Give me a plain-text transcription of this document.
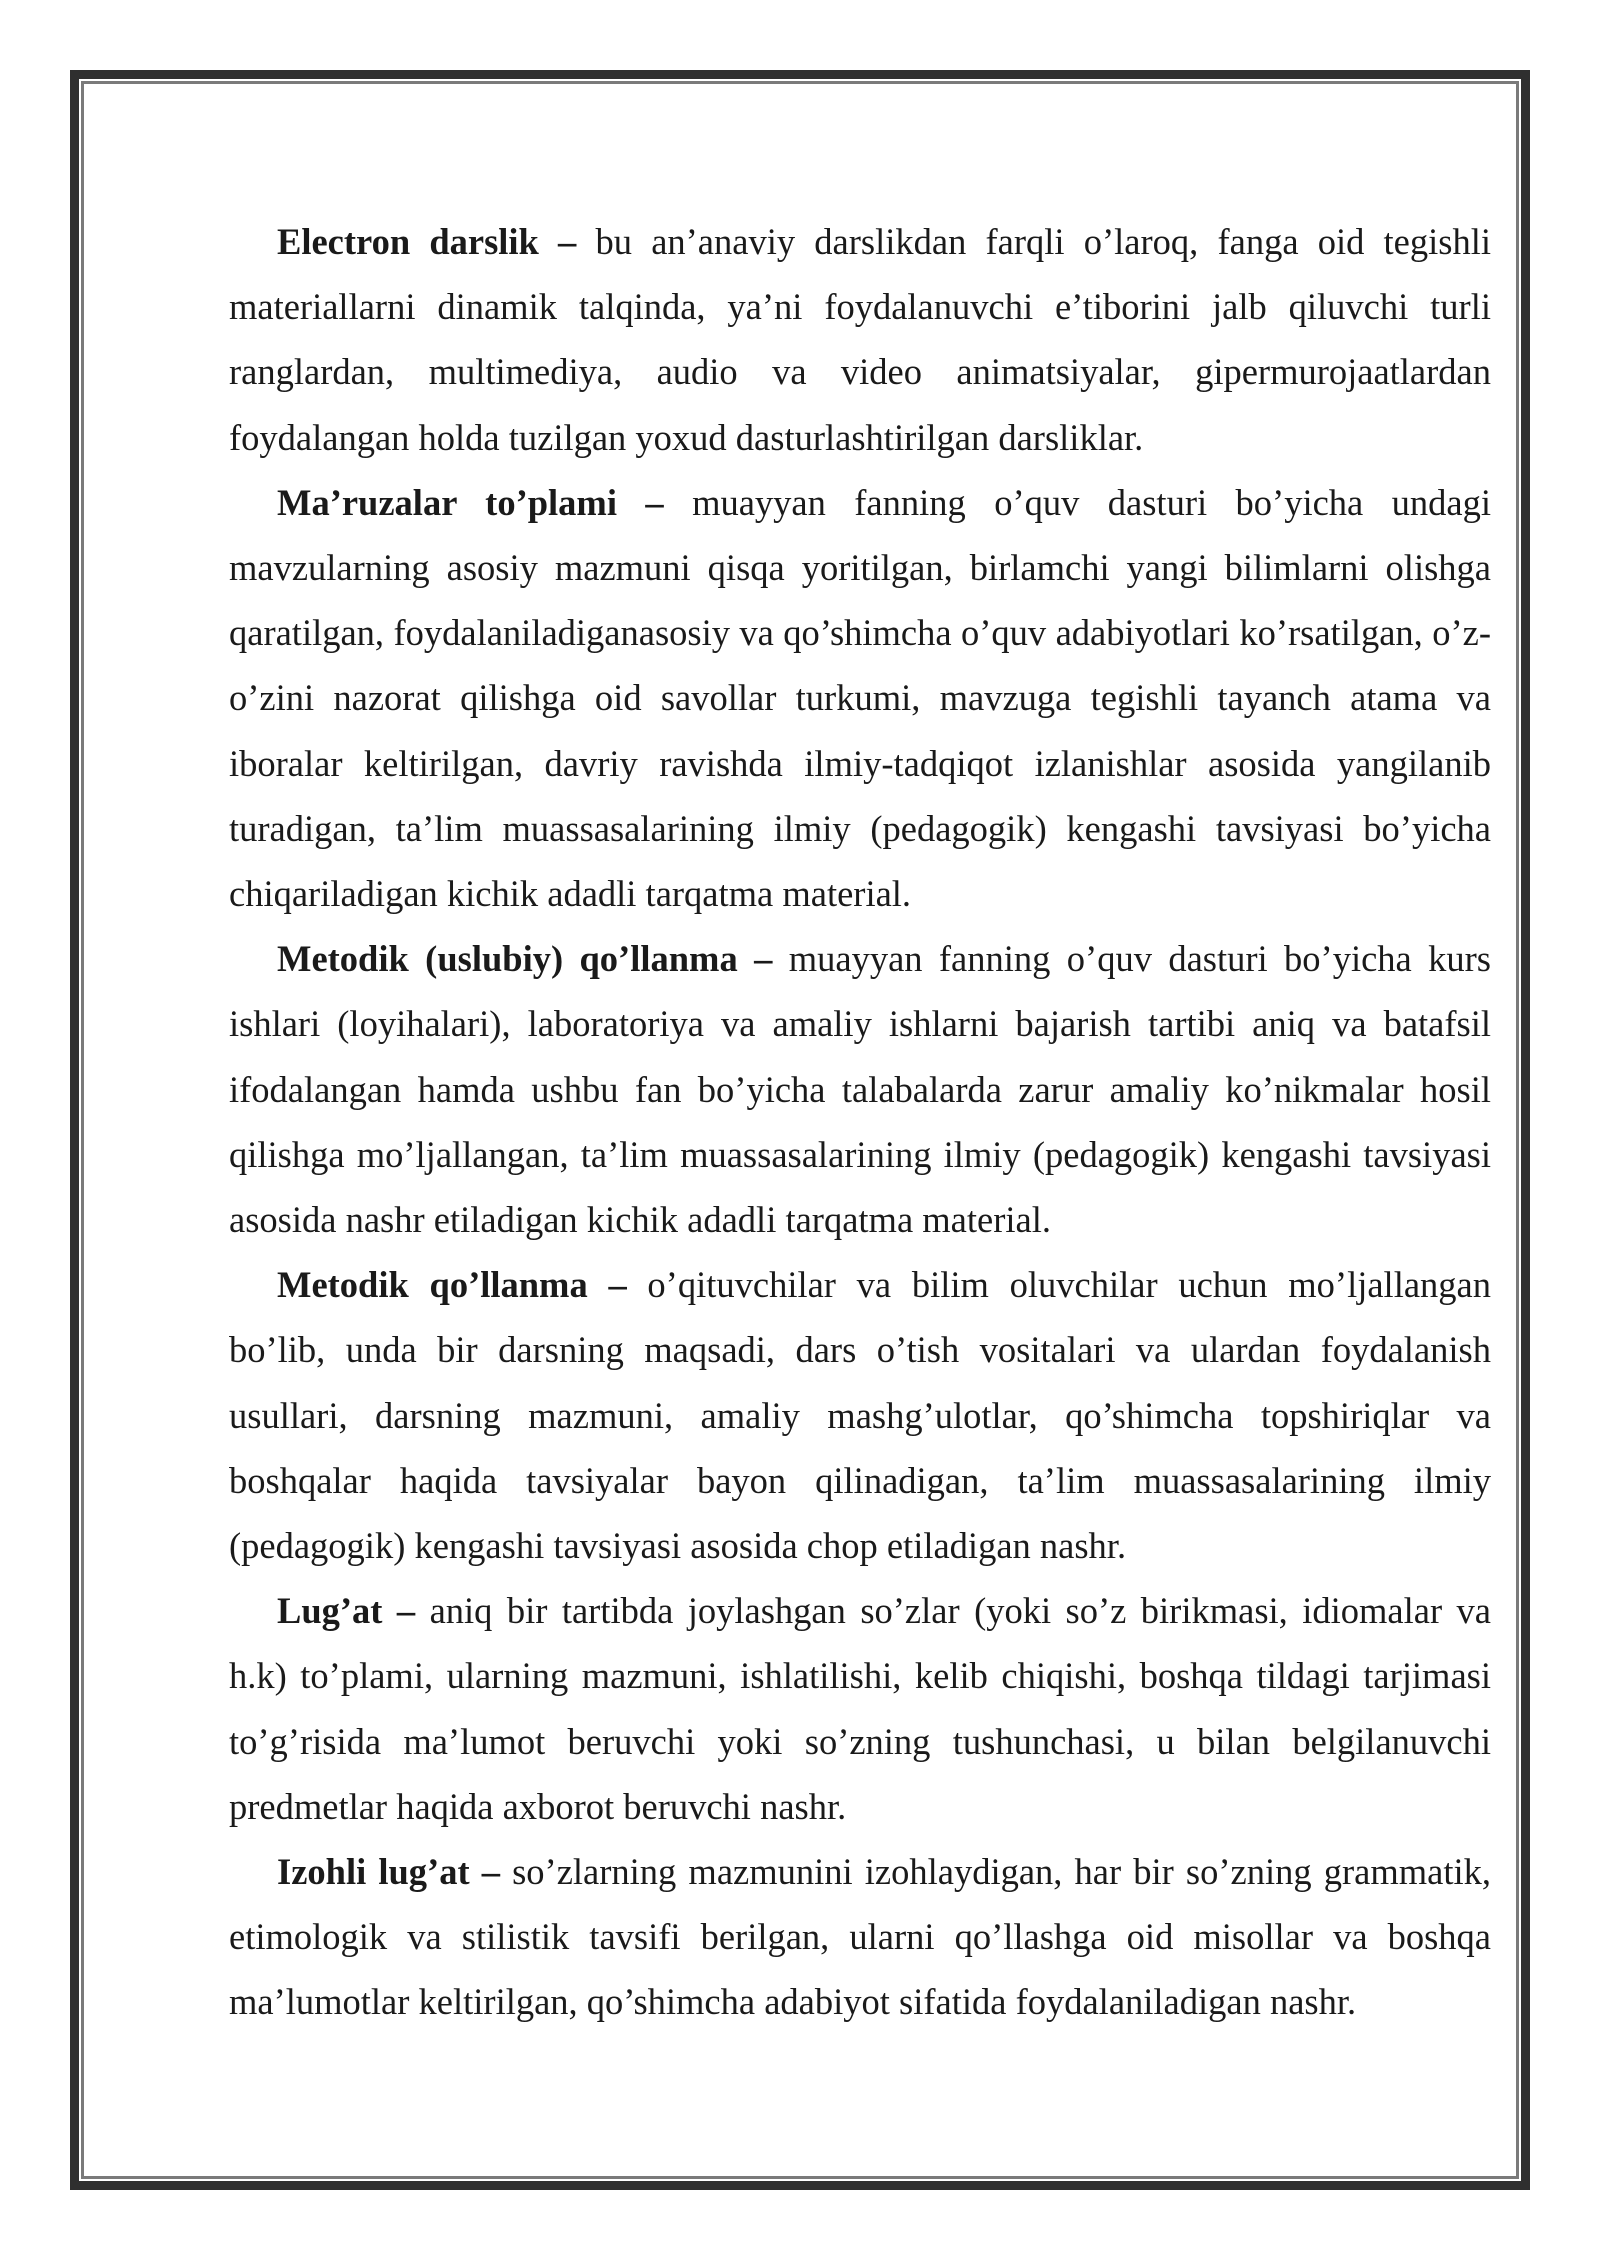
Electron darslik – bu an’anaviy darslikdan farqli o’laroq, fanga oid tegishli materiallarni dinamik talqinda, ya’ni foydalanuvchi e’tiborini jalb qiluvchi turli ranglardan, multimediya, audio va video animatsiyalar, gipermurojaatlardan foydalangan holda tuzilgan yoxud dasturlashtirilgan darsliklar.

Ma’ruzalar to’plami – muayyan fanning o’quv dasturi bo’yicha undagi mavzularning asosiy mazmuni qisqa yoritilgan, birlamchi yangi bilimlarni olishga qaratilgan, foydalaniladiganasosiy va qo’shimcha o’quv adabiyotlari ko’rsatilgan, o’z-o’zini nazorat qilishga oid savollar turkumi, mavzuga tegishli tayanch atama va iboralar keltirilgan, davriy ravishda ilmiy-tadqiqot izlanishlar asosida yangilanib turadigan, ta’lim muassasalarining ilmiy (pedagogik) kengashi tavsiyasi bo’yicha chiqariladigan kichik adadli tarqatma material.

Metodik (uslubiy) qo’llanma – muayyan fanning o’quv dasturi bo’yicha kurs ishlari (loyihalari), laboratoriya va amaliy ishlarni bajarish tartibi aniq va batafsil ifodalangan hamda ushbu fan bo’yicha talabalarda zarur amaliy ko’nikmalar hosil qilishga mo’ljallangan, ta’lim muassasalarining ilmiy (pedagogik) kengashi tavsiyasi asosida nashr etiladigan kichik adadli tarqatma material.

Metodik qo’llanma – o’qituvchilar va bilim oluvchilar uchun mo’ljallangan bo’lib, unda bir darsning maqsadi, dars o’tish vositalari va ulardan foydalanish usullari, darsning mazmuni, amaliy mashg’ulotlar, qo’shimcha topshiriqlar va boshqalar haqida tavsiyalar bayon qilinadigan, ta’lim muassasalarining ilmiy (pedagogik) kengashi tavsiyasi asosida chop etiladigan nashr.

Lug’at – aniq bir tartibda joylashgan so’zlar (yoki so’z birikmasi, idiomalar va h.k) to’plami, ularning mazmuni, ishlatilishi, kelib chiqishi, boshqa tildagi tarjimasi to’g’risida ma’lumot beruvchi yoki so’zning tushunchasi, u bilan belgilanuvchi predmetlar haqida axborot beruvchi nashr.

Izohli lug’at – so’zlarning mazmunini izohlaydigan, har bir so’zning grammatik, etimologik va stilistik tavsifi berilgan, ularni qo’llashga oid misollar va boshqa ma’lumotlar keltirilgan, qo’shimcha adabiyot sifatida foydalaniladigan nashr.
